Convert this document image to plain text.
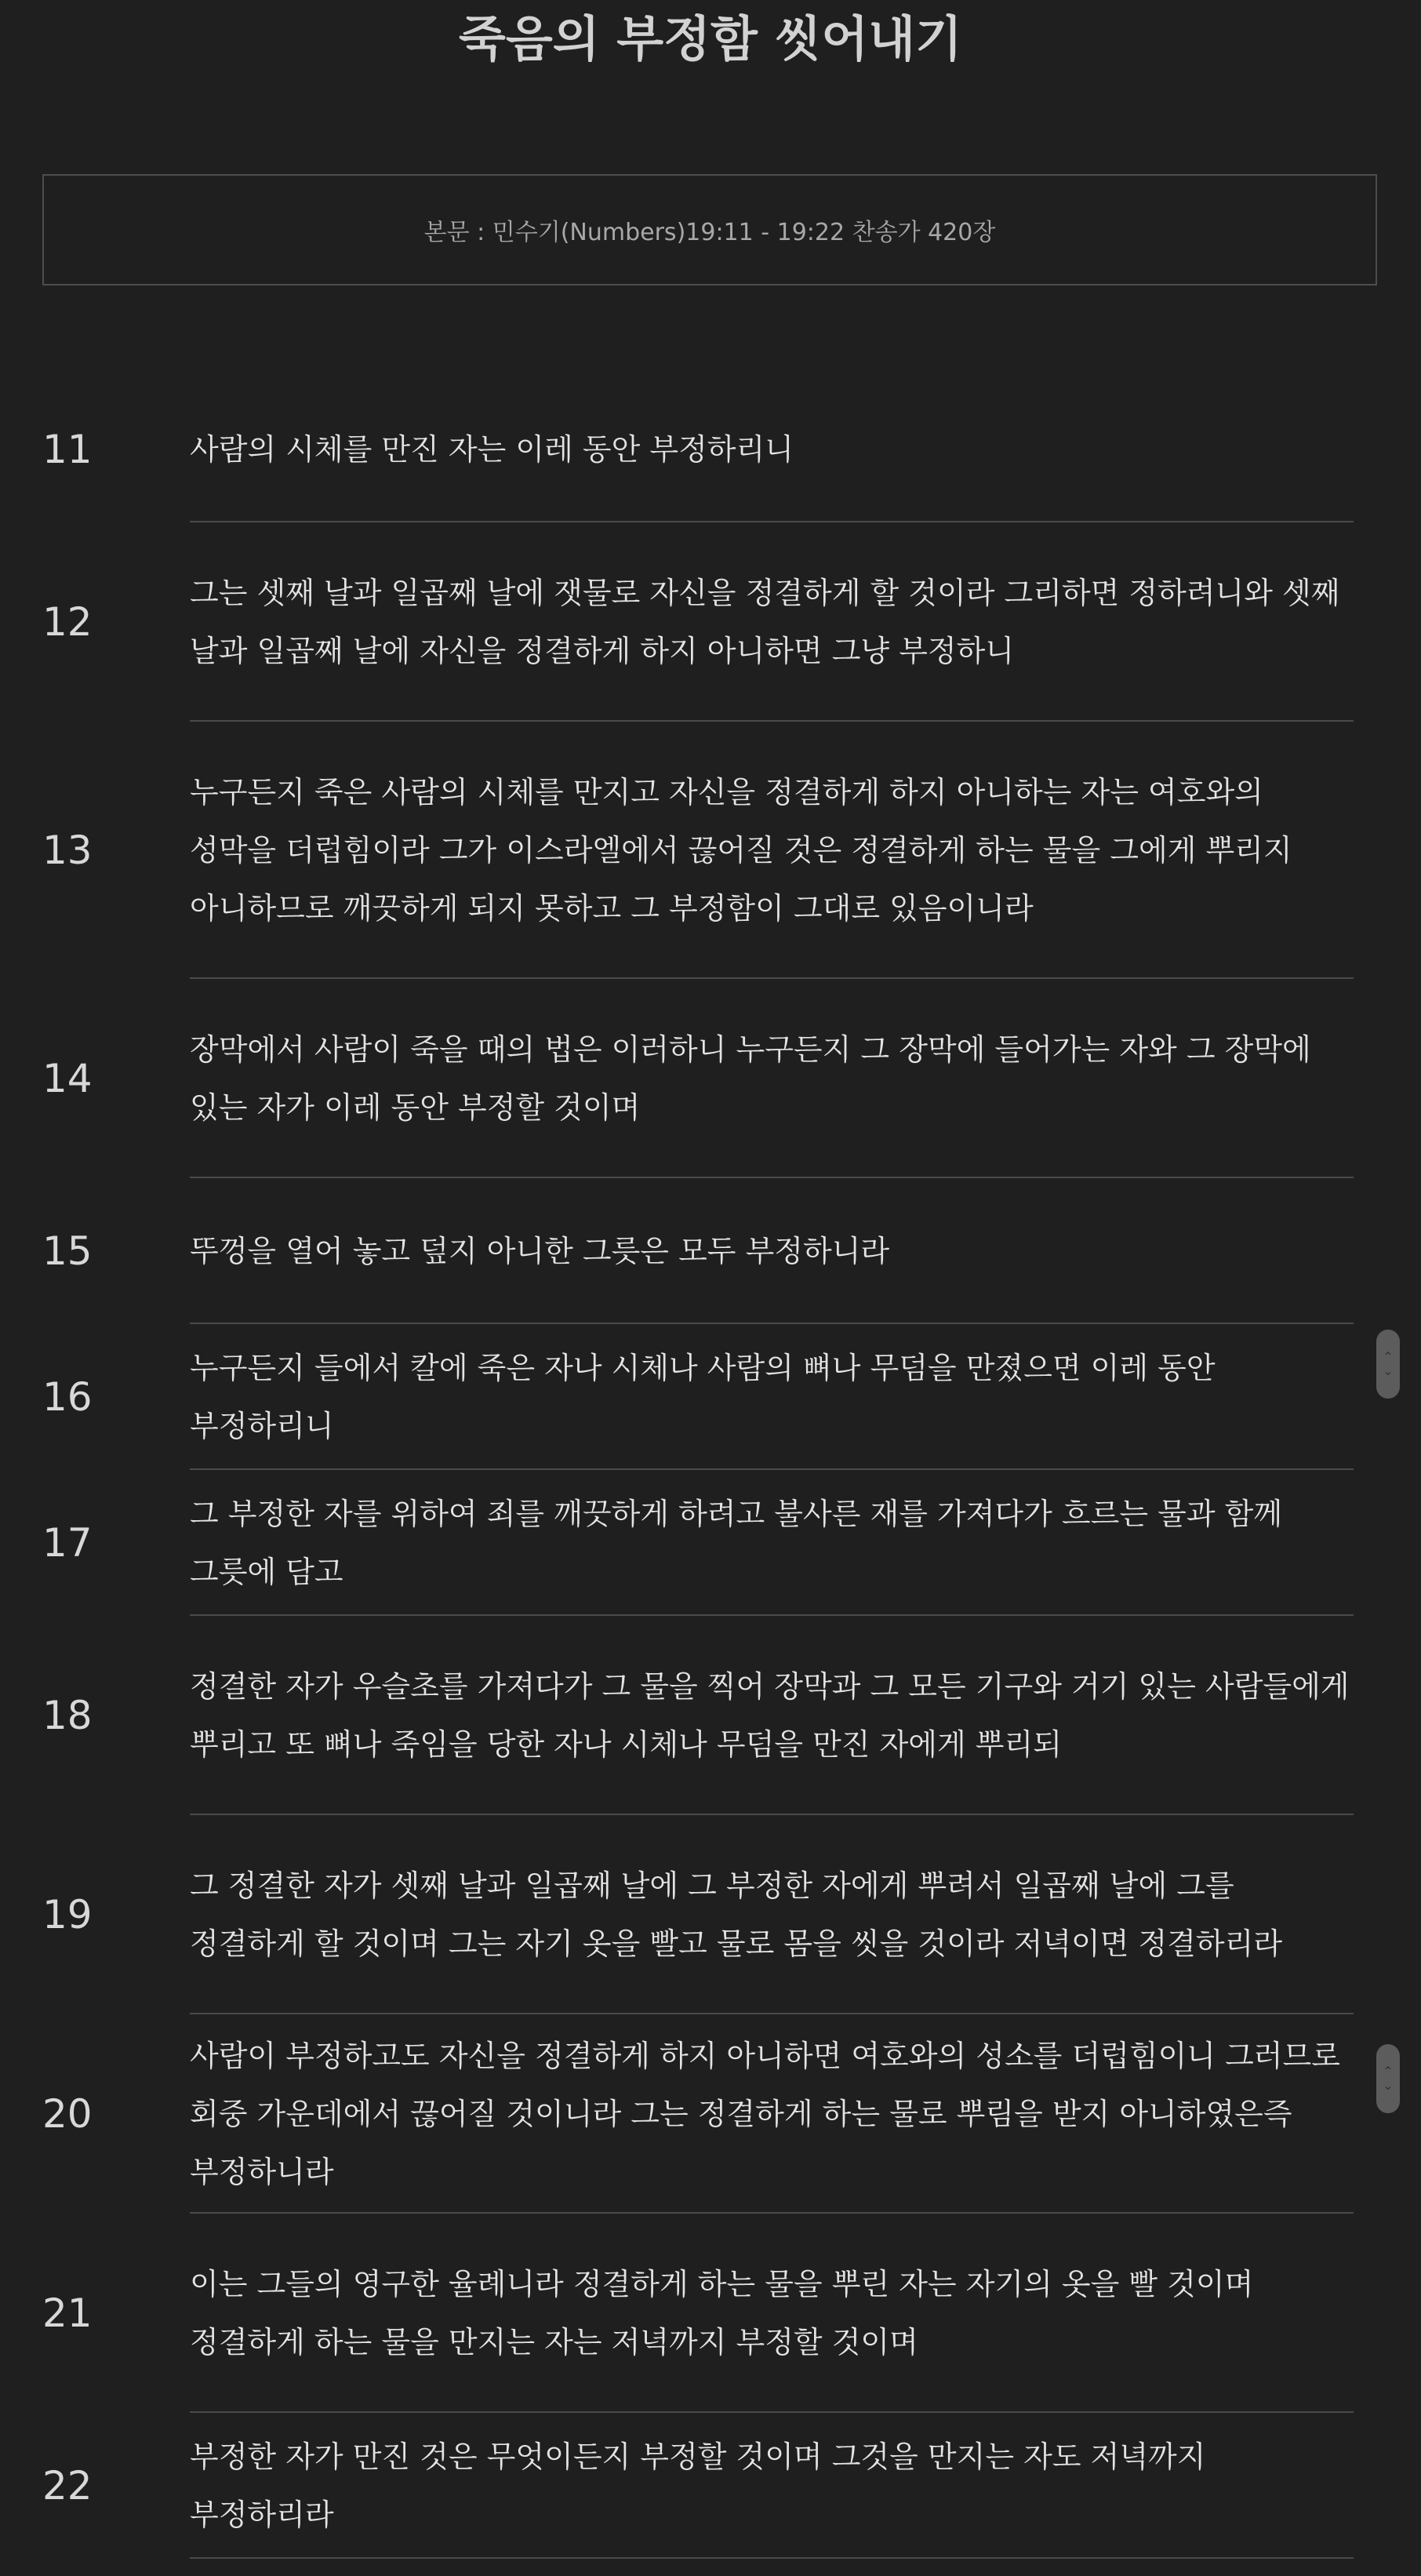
죽음의 부정함 씻어내기
본문 : 민수기(Numbers)19:11 - 19:22 찬송가 420장
11	사람의 시체를 만진 자는 이레 동안 부정하리니
12
그는 셋째 날과 일곱째 날에 잿물로 자신을 정결하게 할 것이라 그리하면 정하려니와 셋째 날과 일곱째 날에 자신을 정결하게 하지 아니하면 그냥 부정하니
13
누구든지 죽은 사람의 시체를 만지고 자신을 정결하게 하지 아니하는 자는 여호와의 성막을 더럽힘이라 그가 이스라엘에서 끊어질 것은 정결하게 하는 물을 그에게 뿌리지 아니하므로 깨끗하게 되지 못하고 그 부정함이 그대로 있음이니라
14
장막에서 사람이 죽을 때의 법은 이러하니 누구든지 그 장막에 들어가는 자와 그 장막에 있는 자가 이레 동안 부정할 것이며
15	뚜껑을 열어 놓고 덮지 아니한 그릇은 모두 부정하니라
16
누구든지 들에서 칼에 죽은 자나 시체나 사람의 뼈나 무덤을 만졌으면 이레 동안 부정하리니
17
그 부정한 자를 위하여 죄를 깨끗하게 하려고 불사른 재를 가져다가 흐르는 물과 함께 그릇에 담고
18
정결한 자가 우슬초를 가져다가 그 물을 찍어 장막과 그 모든 기구와 거기 있는 사람들에게 뿌리고 또 뼈나 죽임을 당한 자나 시체나 무덤을 만진 자에게 뿌리되
19
그 정결한 자가 셋째 날과 일곱째 날에 그 부정한 자에게 뿌려서 일곱째 날에 그를 정결하게 할 것이며 그는 자기 옷을 빨고 물로 몸을 씻을 것이라 저녁이면 정결하리라
20
사람이 부정하고도 자신을 정결하게 하지 아니하면 여호와의 성소를 더럽힘이니 그러므로 회중 가운데에서 끊어질 것이니라 그는 정결하게 하는 물로 뿌림을 받지 아니하였은즉 부정하니라
21
이는 그들의 영구한 율례니라 정결하게 하는 물을 뿌린 자는 자기의 옷을 빨 것이며 정결하게 하는 물을 만지는 자는 저녁까지 부정할 것이며
22
부정한 자가 만진 것은 무엇이든지 부정할 것이며 그것을 만지는 자도 저녁까지 부정하리라
⌃
⌄
⌃
⌄
